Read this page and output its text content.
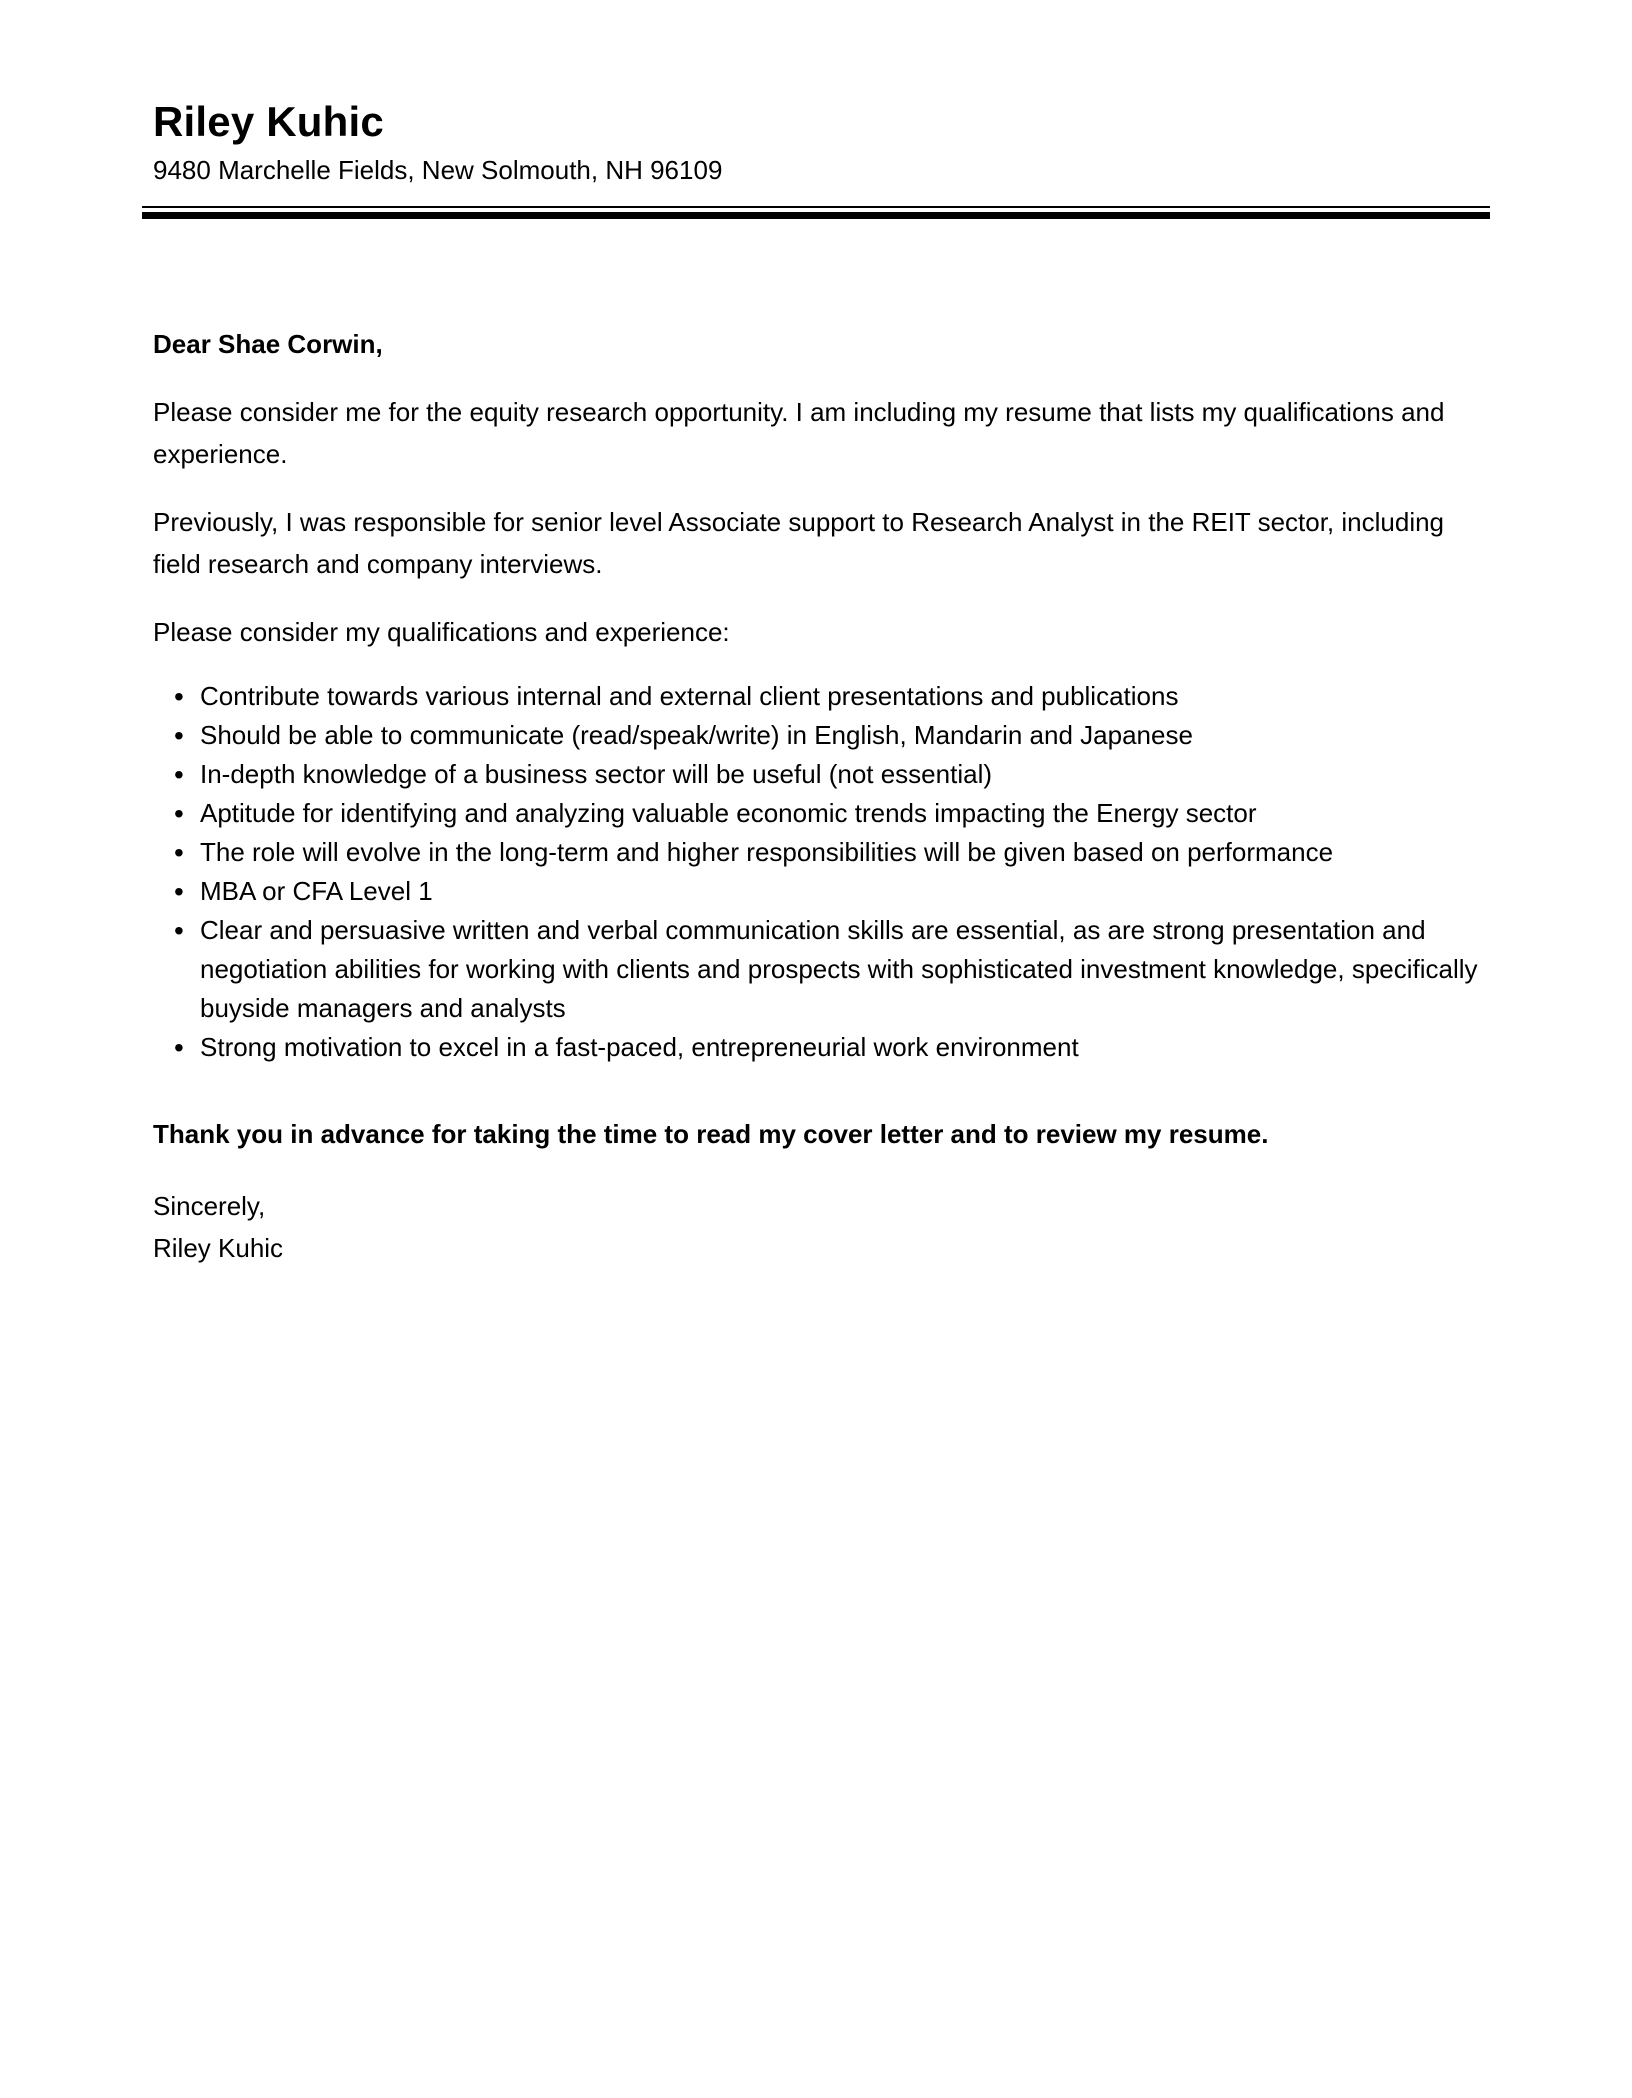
Riley Kuhic

9480 Marchelle Fields, New Solmouth, NH 96109

Dear Shae Corwin,

Please consider me for the equity research opportunity. I am including my resume that lists my qualifications and experience.

Previously, I was responsible for senior level Associate support to Research Analyst in the REIT sector, including field research and company interviews.

Please consider my qualifications and experience:

• Contribute towards various internal and external client presentations and publications
• Should be able to communicate (read/speak/write) in English, Mandarin and Japanese
• In-depth knowledge of a business sector will be useful (not essential)
• Aptitude for identifying and analyzing valuable economic trends impacting the Energy sector
• The role will evolve in the long-term and higher responsibilities will be given based on performance
• MBA or CFA Level 1
• Clear and persuasive written and verbal communication skills are essential, as are strong presentation and negotiation abilities for working with clients and prospects with sophisticated investment knowledge, specifically buyside managers and analysts
• Strong motivation to excel in a fast-paced, entrepreneurial work environment

Thank you in advance for taking the time to read my cover letter and to review my resume.

Sincerely,

Riley Kuhic
